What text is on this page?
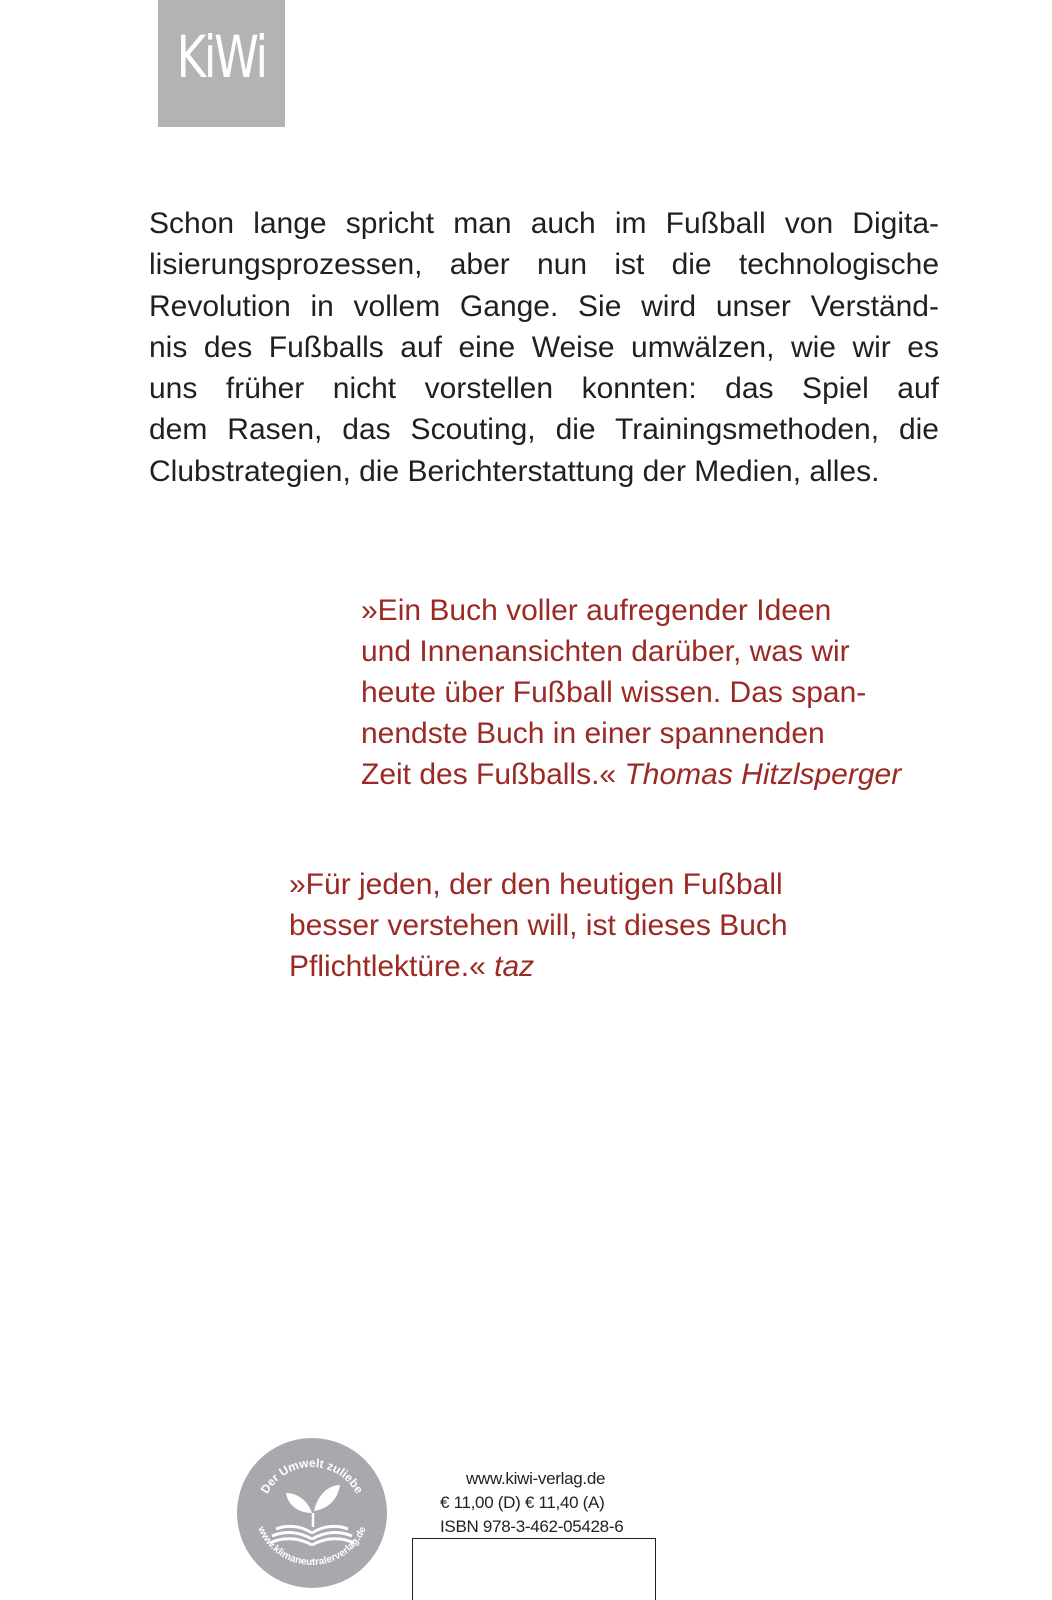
KiWi
Schon lange spricht man auch im Fußball von Digita-
lisierungsprozessen, aber nun ist die technologische
Revolution in vollem Gange. Sie wird unser Verständ-
nis des Fußballs auf eine Weise umwälzen, wie wir es
uns früher nicht vorstellen konnten: das Spiel auf
dem Rasen, das Scouting, die Trainingsmethoden, die
Clubstrategien, die Berichterstattung der Medien, alles.
»Ein Buch voller aufregender Ideen
und Innenansichten darüber, was wir
heute über Fußball wissen. Das span-
nendste Buch in einer spannenden
Zeit des Fußballs.« Thomas Hitzlsperger
»Für jeden, der den heutigen Fußball
besser verstehen will, ist dieses Buch
Pflichtlektüre.« taz
Der Umwelt zuliebe
www.klimaneutralerverlag.de
www.kiwi-verlag.de
€ 11,00 (D) € 11,40 (A)
ISBN 978-3-462-05428-6
